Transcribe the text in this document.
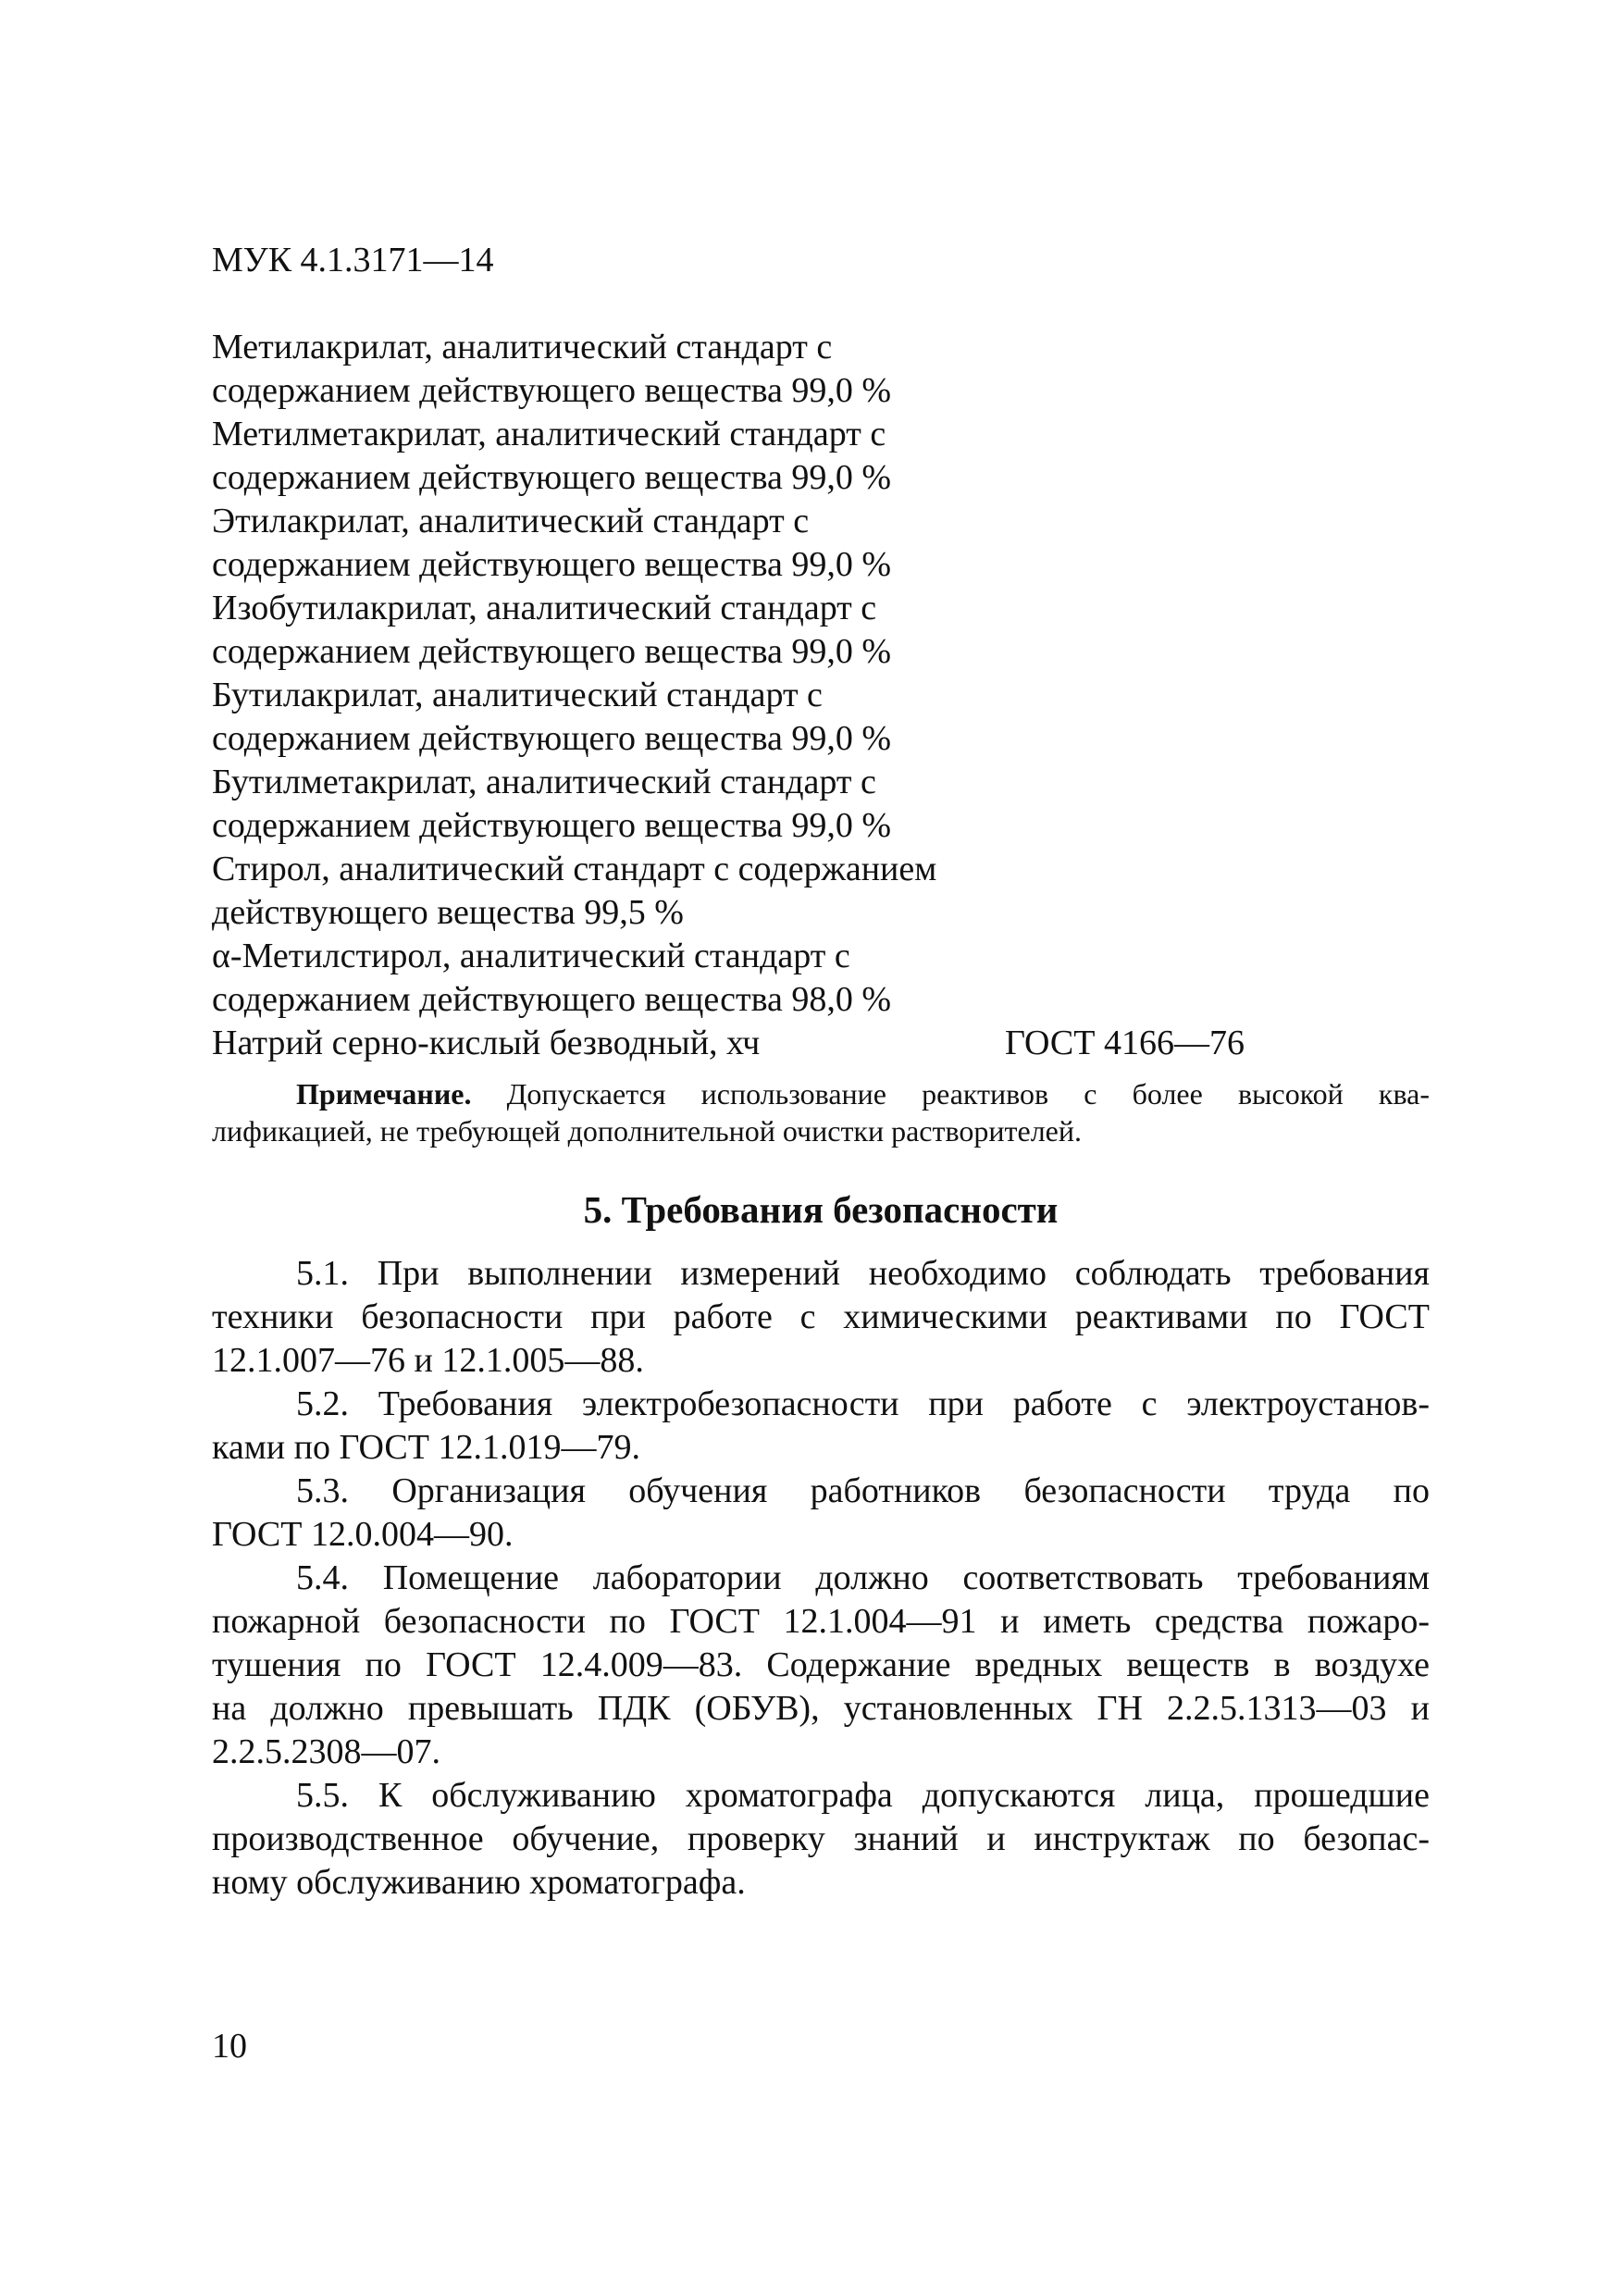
МУК 4.1.3171—14
Метилакрилат, аналитический стандарт с
содержанием действующего вещества 99,0 %
Метилметакрилат, аналитический стандарт с
содержанием действующего вещества 99,0 %
Этилакрилат, аналитический стандарт с
содержанием действующего вещества 99,0 %
Изобутилакрилат, аналитический стандарт с
содержанием действующего вещества 99,0 %
Бутилакрилат, аналитический стандарт с
содержанием действующего вещества 99,0 %
Бутилметакрилат, аналитический стандарт с
содержанием действующего вещества 99,0 %
Стирол, аналитический стандарт с содержанием
действующего вещества 99,5 %
α-Метилстирол, аналитический стандарт с
содержанием действующего вещества 98,0 %
Натрий серно-кислый безводный, хч	ГОСТ 4166—76
Примечание. Допускается использование реактивов с более высокой ква-
лификацией, не требующей дополнительной очистки растворителей.
5. Требования безопасности
5.1. При выполнении измерений необходимо соблюдать требования
техники безопасности при работе с химическими реактивами по ГОСТ
12.1.007—76 и 12.1.005—88.
5.2. Требования электробезопасности при работе с электроустанов-
ками по ГОСТ 12.1.019—79.
5.3. Организация обучения работников безопасности труда по
ГОСТ 12.0.004—90.
5.4. Помещение лаборатории должно соответствовать требованиям
пожарной безопасности по ГОСТ 12.1.004—91 и иметь средства пожаро-
тушения по ГОСТ 12.4.009—83. Содержание вредных веществ в воздухе
на должно превышать ПДК (ОБУВ), установленных ГН 2.2.5.1313—03 и
2.2.5.2308—07.
5.5. К обслуживанию хроматографа допускаются лица, прошедшие
производственное обучение, проверку знаний и инструктаж по безопас-
ному обслуживанию хроматографа.
10
